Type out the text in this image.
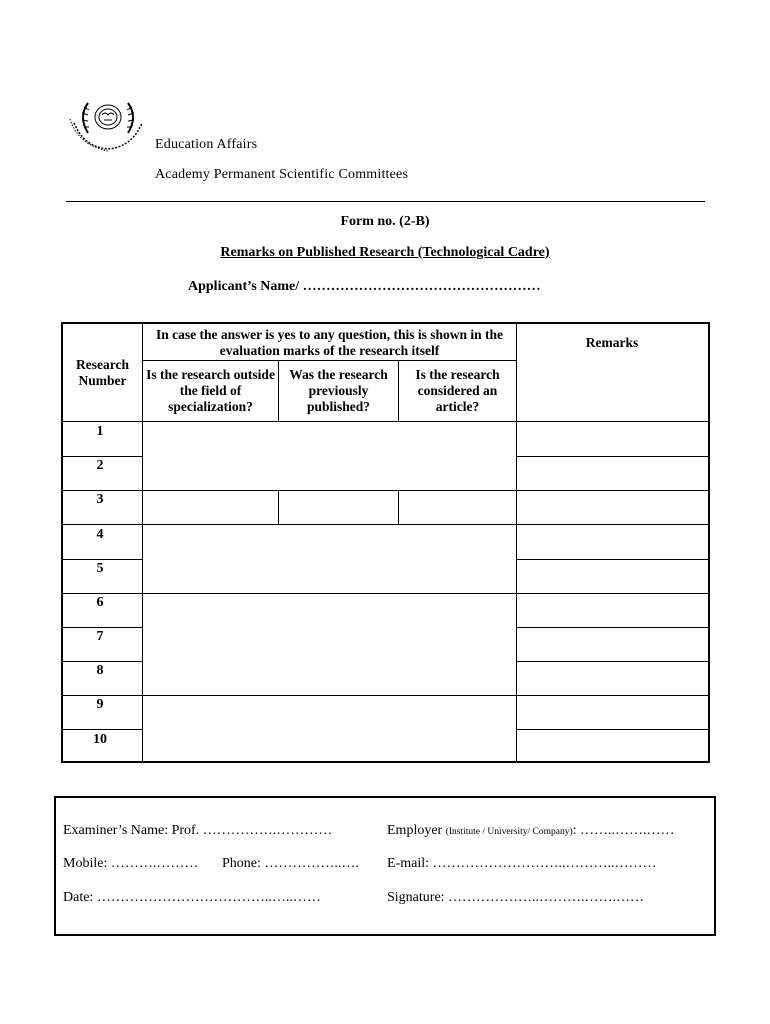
Education Affairs
Academy Permanent Scientific Committees
Form no. (2-B)
Remarks on Published Research (Technological Cadre)
Applicant’s Name/ ……………………………………………
Research Number
In case the answer is yes to any question, this is shown in the evaluation marks of the research itself
Remarks
Is the research outside the field of specialization?
Was the research previously published?
Is the research considered an article?
1
2
3
4
5
6
7
8
9
10
Examiner’s Name: Prof. …………….…………	Employer (Institute / University/ Company): ……..…….……
Mobile: ……….……… Phone: ……………..…. E-mail: ………………………..………..………
Date: ………………………………..…..……	Signature: ………………..……….…….……
